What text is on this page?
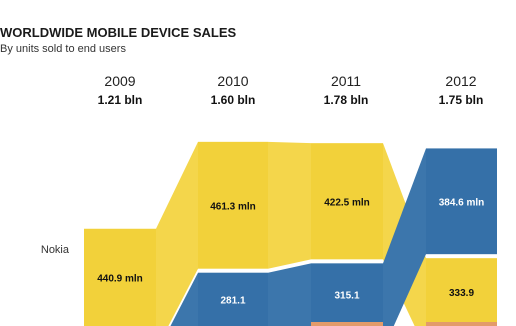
WORLDWIDE MOBILE DEVICE SALES
By units sold to end users
2009	2010	2011	2012
1.21 bln	1.60 bln	1.78 bln	1.75 bln
Nokia
440.9 mln
461.3 mln	422.5 mln
333.9
281.1	315.1
384.6 mln
